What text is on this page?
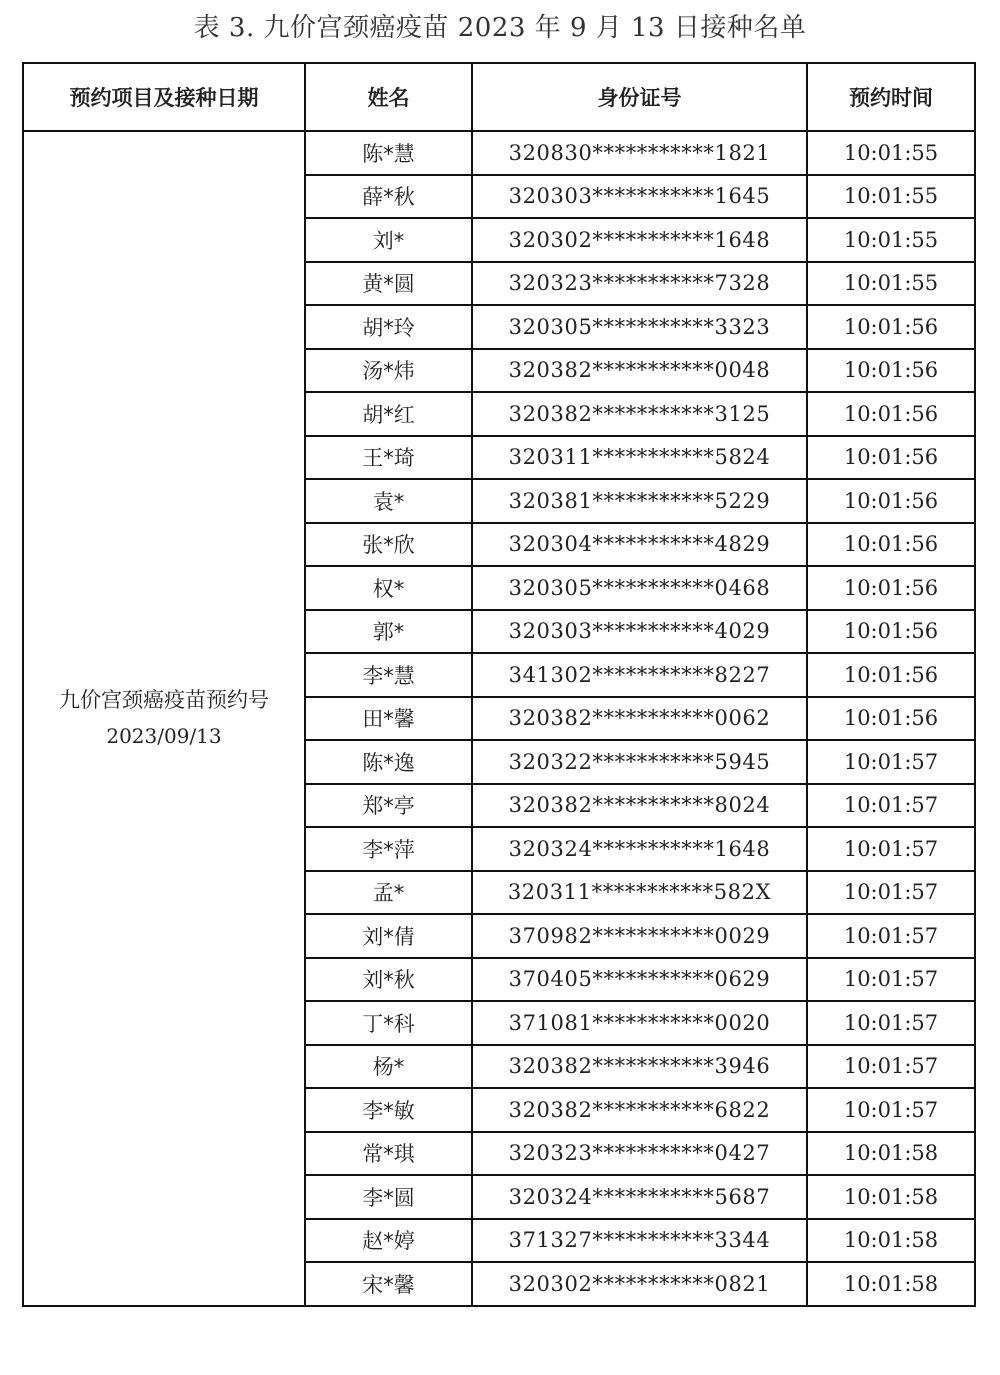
表 3. 九价宫颈癌疫苗 2023 年 9 月 13 日接种名单
预约项目及接种日期	姓名	身份证号	预约时间
九价宫颈癌疫苗预约号
2023/09/13	陈*慧	320830***********1821	10:01:55
	薛*秋	320303***********1645	10:01:55
	刘*	320302***********1648	10:01:55
	黄*圆	320323***********7328	10:01:55
	胡*玲	320305***********3323	10:01:56
	汤*炜	320382***********0048	10:01:56
	胡*红	320382***********3125	10:01:56
	王*琦	320311***********5824	10:01:56
	袁*	320381***********5229	10:01:56
	张*欣	320304***********4829	10:01:56
	权*	320305***********0468	10:01:56
	郭*	320303***********4029	10:01:56
	李*慧	341302***********8227	10:01:56
	田*馨	320382***********0062	10:01:56
	陈*逸	320322***********5945	10:01:57
	郑*亭	320382***********8024	10:01:57
	李*萍	320324***********1648	10:01:57
	孟*	320311***********582X	10:01:57
	刘*倩	370982***********0029	10:01:57
	刘*秋	370405***********0629	10:01:57
	丁*科	371081***********0020	10:01:57
	杨*	320382***********3946	10:01:57
	李*敏	320382***********6822	10:01:57
	常*琪	320323***********0427	10:01:58
	李*圆	320324***********5687	10:01:58
	赵*婷	371327***********3344	10:01:58
	宋*馨	320302***********0821	10:01:58
